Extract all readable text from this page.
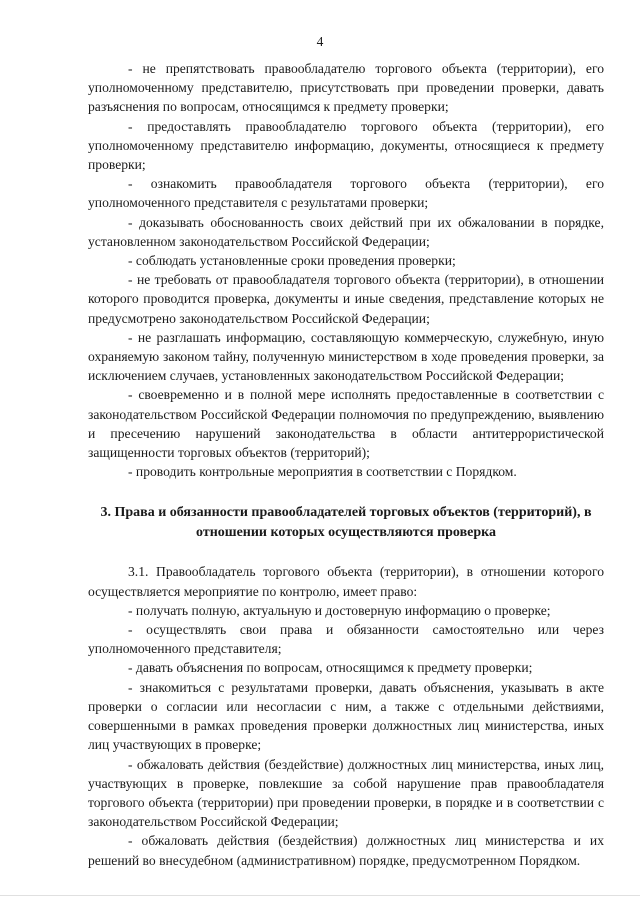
4

- не препятствовать правообладателю торгового объекта (территории), его уполномоченному представителю, присутствовать при проведении проверки, давать разъяснения по вопросам, относящимся к предмету проверки;

- предоставлять правообладателю торгового объекта (территории), его уполномоченному представителю информацию, документы, относящиеся к предмету проверки;

- ознакомить правообладателя торгового объекта (территории), его уполномоченного представителя с результатами проверки;

- доказывать обоснованность своих действий при их обжаловании в порядке, установленном законодательством Российской Федерации;

- соблюдать установленные сроки проведения проверки;

- не требовать от правообладателя торгового объекта (территории), в отношении которого проводится проверка, документы и иные сведения, представление которых не предусмотрено законодательством Российской Федерации;

- не разглашать информацию, составляющую коммерческую, служебную, иную охраняемую законом тайну, полученную министерством в ходе проведения проверки, за исключением случаев, установленных законодательством Российской Федерации;

- своевременно и в полной мере исполнять предоставленные в соответствии с законодательством Российской Федерации полномочия по предупреждению, выявлению и пресечению нарушений законодательства в области антитеррористической защищенности торговых объектов (территорий);

- проводить контрольные мероприятия в соответствии с Порядком.

3. Права и обязанности правообладателей торговых объектов (территорий), в отношении которых осуществляются проверка

3.1. Правообладатель торгового объекта (территории), в отношении которого осуществляется мероприятие по контролю, имеет право:

- получать полную, актуальную и достоверную информацию о проверке;

- осуществлять свои права и обязанности самостоятельно или через уполномоченного представителя;

- давать объяснения по вопросам, относящимся к предмету проверки;

- знакомиться с результатами проверки, давать объяснения, указывать в акте проверки о согласии или несогласии с ним, а также с отдельными действиями, совершенными в рамках проведения проверки должностных лиц министерства, иных лиц участвующих в проверке;

- обжаловать действия (бездействие) должностных лиц министерства, иных лиц, участвующих в проверке, повлекшие за собой нарушение прав правообладателя торгового объекта (территории) при проведении проверки, в порядке и в соответствии с законодательством Российской Федерации;

- обжаловать действия (бездействия) должностных лиц министерства и их решений во внесудебном (административном) порядке, предусмотренном Порядком.
